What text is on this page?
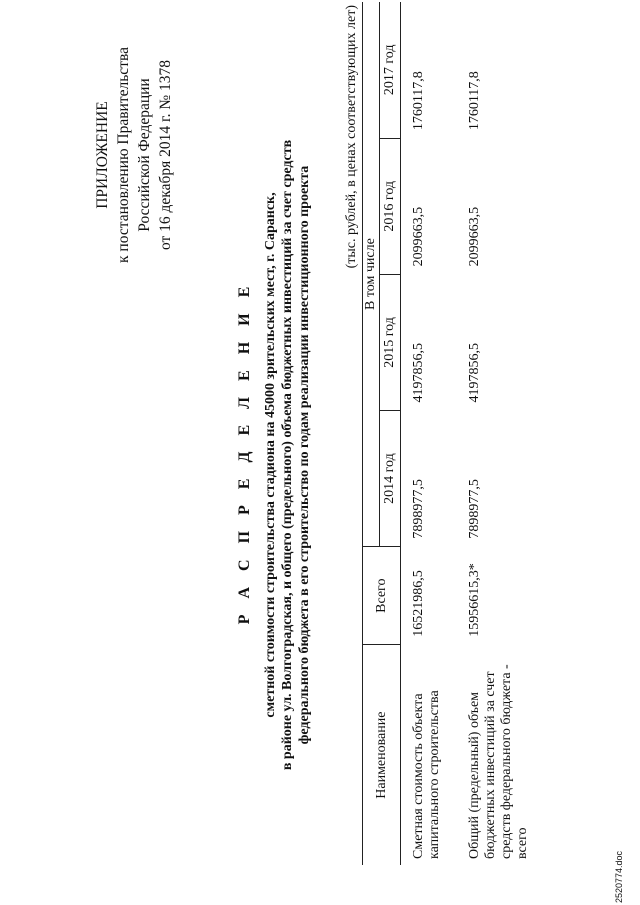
ПРИЛОЖЕНИЕ к постановлению Правительства Российской Федерации от 16 декабря 2014 г. № 1378
Р А С П Р Е Д Е Л Е Н И Е сметной стоимости строительства стадиона на 45000 зрительских мест, г. Саранск, в районе ул. Волгоградская, и общего (предельного) объема бюджетных инвестиций за счет средств федерального бюджета в его строительство по годам реализации инвестиционного проекта
(тыс. рублей, в ценах соответствующих лет)
Наименование	Всего	В том числе			
		2014 год	2015 год	2016 год	2017 год
Сметная стоимость объекта капитального строительства	16521986,5	7898977,5	4197856,5	2099663,5	1760117,8
Общий (предельный) объем бюджетных инвестиций за счет средств федерального бюджета - всего	15956615,3*	7898977,5	4197856,5	2099663,5	1760117,8
2520774.doc
